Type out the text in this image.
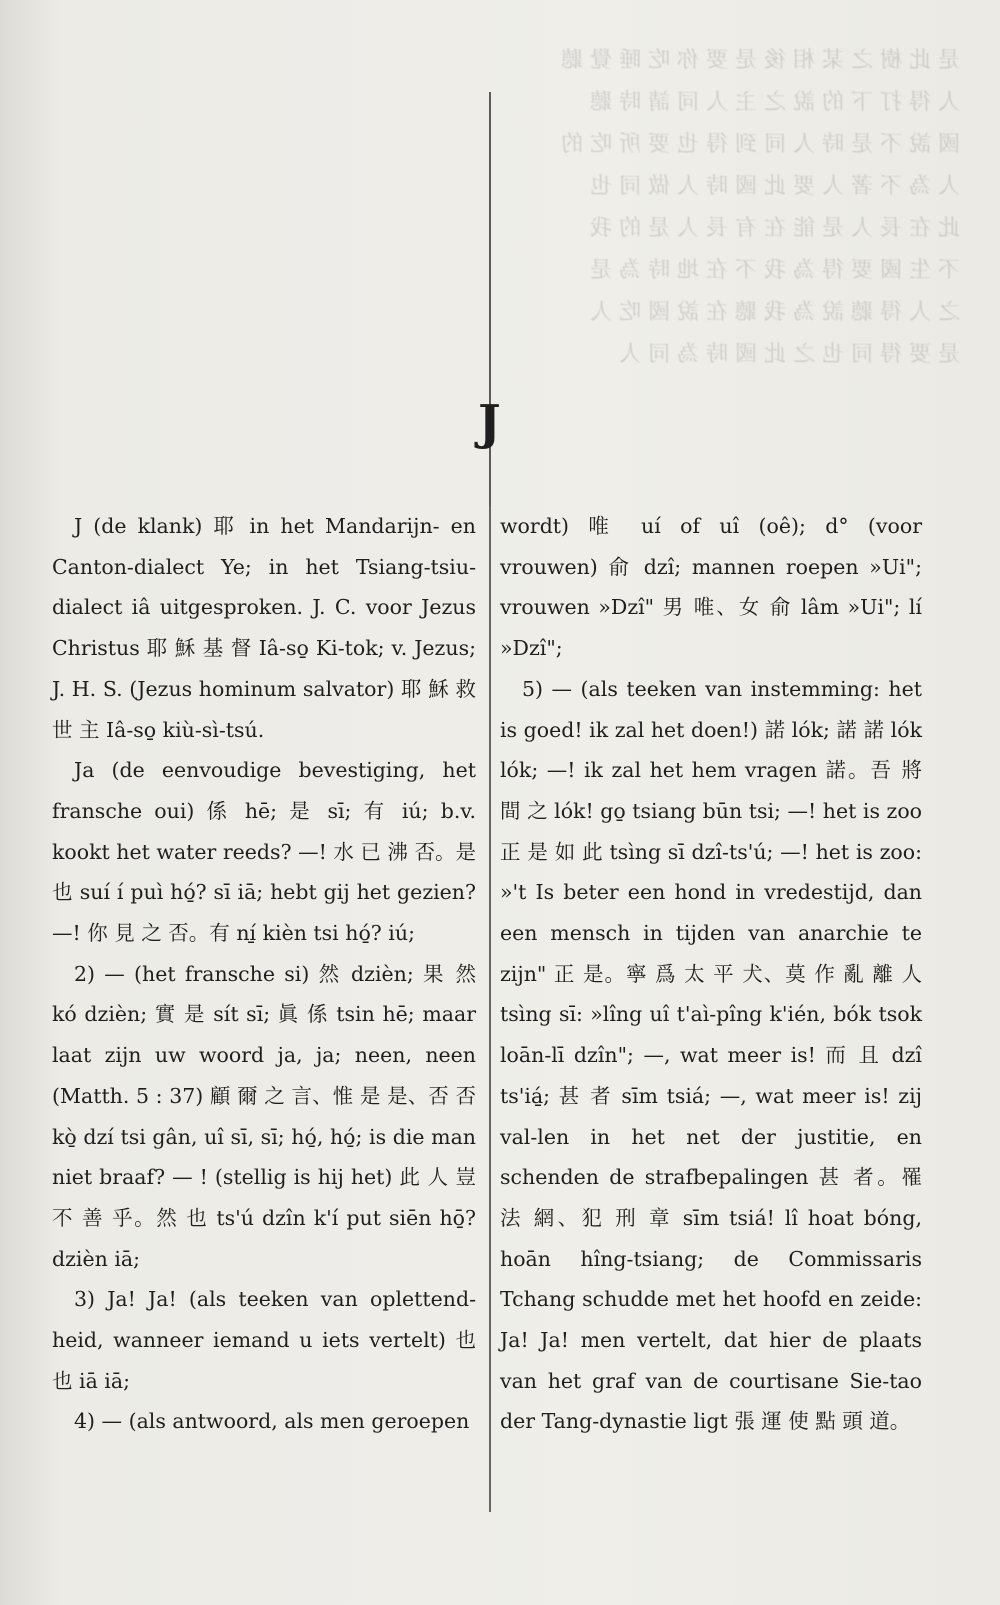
是 此 樹 之 某 相 後 是 要 你 吃 睡 覺 聽
人 得 打 下 的 說 之 主 人 同 請 時 聽
國 說 不 是 時 人 同 到 得 也 要 所 吃 的
人 為 不 著 人 要 此 國 時 人 做 同 也
此 在 長 人 是 能 在 有 長 人 是 的 我
不 生 國 要 得 為 我 不 在 地 時 為 是
之 人 得 聽 說 為 我 聽 在 說 國 吃 人
是 要 得 同 也 之 此 國 時 為 同 人
J

J (de klank) 耶 in het Mandarijn- en Canton-dialect Ye; in het Tsiang-tsiu-dialect iâ uitgesproken. J. C. voor Jezus Christus 耶 穌 基 督 Iâ-so̱ Ki-tok; v. Jezus; J. H. S. (Jezus hominum salvator) 耶 穌 救 世 主 Iâ-so̱ kiù-sì-tsú.

Ja (de eenvoudige bevestiging, het fransche oui) 係 hē; 是 sī; 有 iú; b.v. kookt het water reeds? —! 水 已 沸 否。是 也 suí í puì hó̱? sī iā; hebt gij het gezien? —! 你 見 之 否。有 ní̱ kièn tsi hó̱? iú;

2) — (het fransche si) 然 dzièn; 果 然 kó dzièn; 實 是 sít sī; 眞 係 tsin hē; maar laat zijn uw woord ja, ja; neen, neen (Matth. 5 : 37) 顧 爾 之 言、惟 是 是、否 否 kò̱ dzí tsi gân, uî sī, sī; hó̱, hó̱; is die man niet braaf? — ! (stellig is hij het) 此 人 豈 不 善 乎。然 也 ts'ú dzîn k'í put siēn hō̱? dzièn iā;

3) Ja! Ja! (als teeken van oplettend-heid, wanneer iemand u iets vertelt) 也 也 iā iā;

4) — (als antwoord, als men geroepen

wordt) 唯 uí of uî (oê); d° (voor vrouwen) 俞 dzî; mannen roepen »Ui"; vrouwen »Dzî" 男 唯、女 俞 lâm »Ui"; lí »Dzî";

5) — (als teeken van instemming: het is goed! ik zal het doen!) 諾 lók; 諾 諾 lók lók; —! ik zal het hem vragen 諾。吾 將 間 之 lók! go̱ tsiang būn tsi; —! het is zoo 正 是 如 此 tsìng sī dzî-ts'ú; —! het is zoo: »'t Is beter een hond in vredestijd, dan een mensch in tijden van anarchie te zijn" 正 是。寧 爲 太 平 犬、莫 作 亂 離 人 tsìng sī: »lîng uî t'aì-pîng k'ién, bók tsok loān-lī dzîn"; —, wat meer is! 而 且 dzî ts'iá̱; 甚 者 sīm tsiá; —, wat meer is! zij val-len in het net der justitie, en schenden de strafbepalingen 甚 者。罹 法 網、犯 刑 章 sīm tsiá! lî hoat bóng, hoān hîng-tsiang; de Commissaris Tchang schudde met het hoofd en zeide: Ja! Ja! men vertelt, dat hier de plaats van het graf van de courtisane Sie-tao der Tang-dynastie ligt 張 運 使 點 頭 道。
